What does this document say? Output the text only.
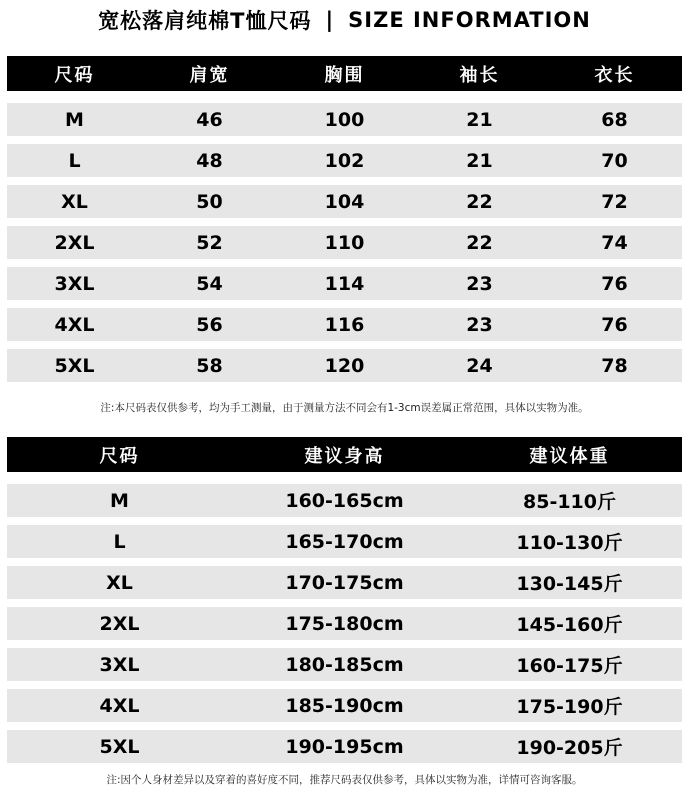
宽松落肩纯棉T恤尺码 | SIZE INFORMATION
尺码	肩宽	胸围	袖长	衣长
M	46	100	21	68
L	48	102	21	70
XL	50	104	22	72
2XL	52	110	22	74
3XL	54	114	23	76
4XL	56	116	23	76
5XL	58	120	24	78
注:本尺码表仅供参考，均为手工测量，由于测量方法不同会有1-3cm误差属正常范围，具体以实物为准。
尺码	建议身高	建议体重
M	160-165cm	85-110斤
L	165-170cm	110-130斤
XL	170-175cm	130-145斤
2XL	175-180cm	145-160斤
3XL	180-185cm	160-175斤
4XL	185-190cm	175-190斤
5XL	190-195cm	190-205斤
注:因个人身材差异以及穿着的喜好度不同，推荐尺码表仅供参考，具体以实物为准，详情可咨询客服。
